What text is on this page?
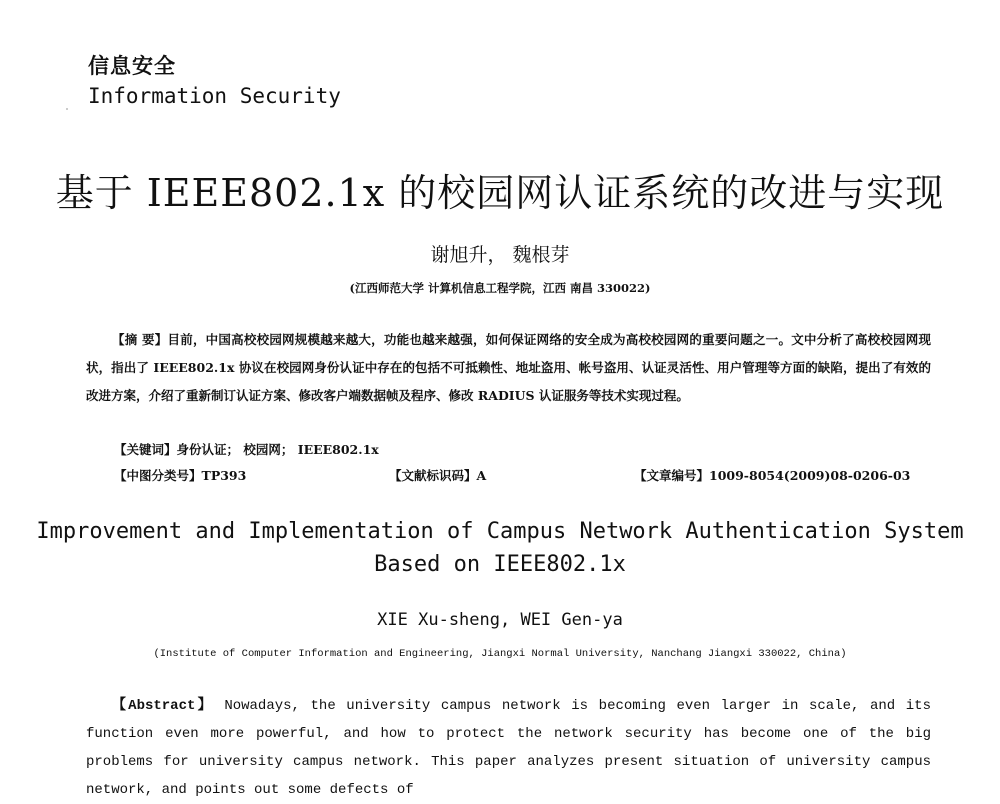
信息安全
Information Security
基于 IEEE802.1x 的校园网认证系统的改进与实现
谢旭升， 魏根芽
(江西师范大学 计算机信息工程学院，江西 南昌 330022)
【摘 要】目前，中国高校校园网规模越来越大，功能也越来越强，如何保证网络的安全成为高校校园网的重要问题之一。文中分析了高校校园网现状，指出了 IEEE802.1x 协议在校园网身份认证中存在的包括不可抵赖性、地址盗用、帐号盗用、认证灵活性、用户管理等方面的缺陷，提出了有效的改进方案，介绍了重新制订认证方案、修改客户端数据帧及程序、修改 RADIUS 认证服务等技术实现过程。
【关键词】身份认证； 校园网； IEEE802.1x
【中图分类号】TP393	【文献标识码】A	【文章编号】1009-8054(2009)08-0206-03
Improvement and Implementation of Campus Network Authentication System
Based on IEEE802.1x
XIE Xu-sheng, WEI Gen-ya
(Institute of Computer Information and Engineering, Jiangxi Normal University, Nanchang Jiangxi 330022, China)
【Abstract】 Nowadays, the university campus network is becoming even larger in scale, and its function even more powerful, and how to protect the network security has become one of the big problems for university campus network. This paper analyzes present situation of university campus network, and points out some defects of
